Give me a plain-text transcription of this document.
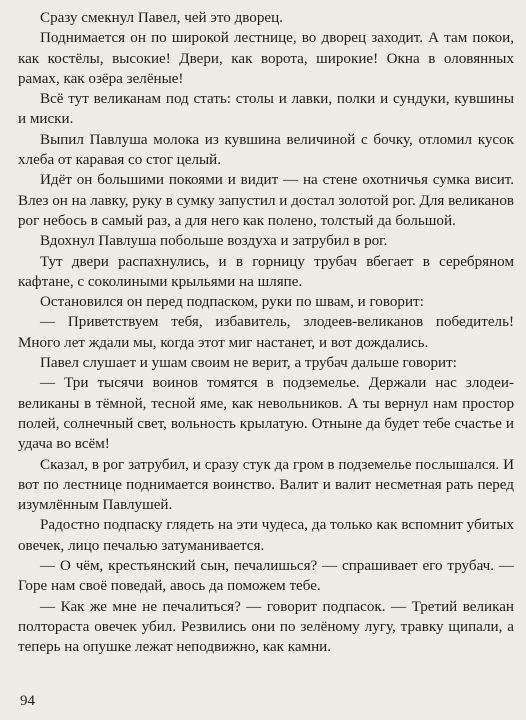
Сразу смекнул Павел, чей это дворец.

Поднимается он по широкой лестнице, во дворец заходит. А там покои, как костёлы, высокие! Двери, как ворота, широкие! Окна в оловянных рамах, как озёра зелёные!

Всё тут великанам под стать: столы и лавки, полки и сундуки, кувшины и миски.

Выпил Павлуша молока из кувшина величиной с бочку, отломил кусок хлеба от каравая со стог целый.

Идёт он большими покоями и видит — на стене охотничья сумка висит. Влез он на лавку, руку в сумку запустил и достал золотой рог. Для великанов рог небось в самый раз, а для него как полено, толстый да большой.

Вдохнул Павлуша побольше воздуха и затрубил в рог.

Тут двери распахнулись, и в горницу трубач вбегает в серебряном кафтане, с соколиными крыльями на шляпе.

Остановился он перед подпаском, руки по швам, и говорит:

— Приветствуем тебя, избавитель, злодеев-великанов победитель! Много лет ждали мы, когда этот миг настанет, и вот дождались.

Павел слушает и ушам своим не верит, а трубач дальше говорит:

— Три тысячи воинов томятся в подземелье. Держали нас злодеи-великаны в тёмной, тесной яме, как невольников. А ты вернул нам простор полей, солнечный свет, вольность крылатую. Отныне да будет тебе счастье и удача во всём!

Сказал, в рог затрубил, и сразу стук да гром в подземелье послышался. И вот по лестнице поднимается воинство. Валит и валит несметная рать перед изумлённым Павлушей.

Радостно подпаску глядеть на эти чудеса, да только как вспомнит убитых овечек, лицо печалью затуманивается.

— О чём, крестьянский сын, печалишься? — спрашивает его трубач. — Горе нам своё поведай, авось да поможем тебе.

— Как же мне не печалиться? — говорит подпасок. — Третий великан полтораста овечек убил. Резвились они по зелёному лугу, травку щипали, а теперь на опушке лежат неподвижно, как камни.

94
